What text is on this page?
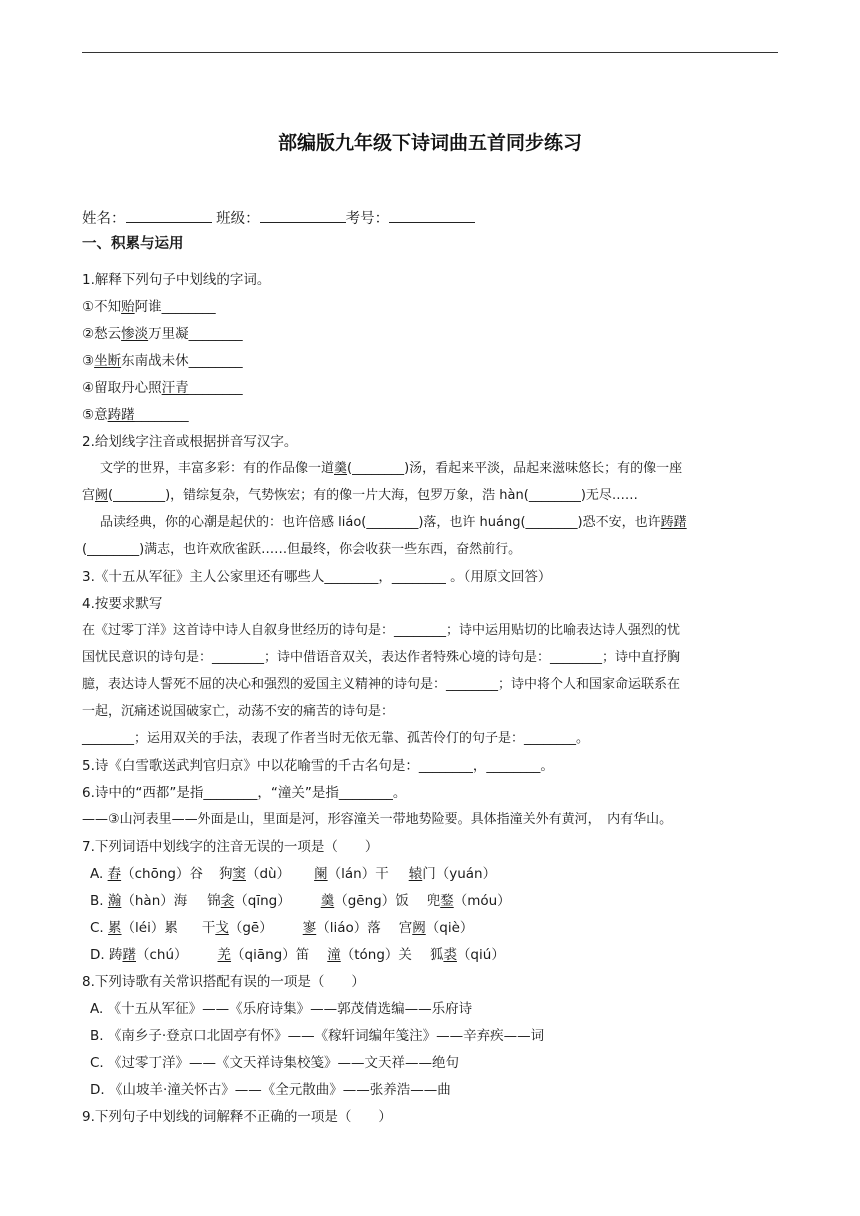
部编版九年级下诗词曲五首同步练习
姓名：	班级：	考号：
一、积累与运用
1.解释下列句子中划线的字词。
①不知贻阿谁________
②愁云惨淡万里凝________
③坐断东南战未休________
④留取丹心照汗青________
⑤意踌躇________
2.给划线字注音或根据拼音写汉字。
文学的世界，丰富多彩：有的作品像一道羹(________)汤，看起来平淡，品起来滋味悠长；有的像一座
宫阙(________)，错综复杂，气势恢宏；有的像一片大海，包罗万象，浩 hàn(________)无尽……
品读经典，你的心潮是起伏的：也许倍感 liáo(________)落，也许 huáng(________)恐不安，也许踌躇
(________)满志，也许欢欣雀跃……但最终，你会收获一些东西，奋然前行。
3.《十五从军征》主人公家里还有哪些人________，________ 。（用原文回答）
4.按要求默写
在《过零丁洋》这首诗中诗人自叙身世经历的诗句是：________；诗中运用贴切的比喻表达诗人强烈的忧
国忧民意识的诗句是：________；诗中借语音双关，表达作者特殊心境的诗句是：________；诗中直抒胸
臆，表达诗人誓死不屈的决心和强烈的爱国主义精神的诗句是：________；诗中将个人和国家命运联系在
一起，沉痛述说国破家亡，动荡不安的痛苦的诗句是：
________；运用双关的手法，表现了作者当时无依无靠、孤苦伶仃的句子是：________。
5.诗《白雪歌送武判官归京》中以花喻雪的千古名句是：________，________。
6.诗中的“西都”是指________，“潼关”是指________。
——③山河表里——外面是山，里面是河，形容潼关一带地势险要。具体指潼关外有黄河，　内有华山。
7.下列词语中划线字的注音无误的一项是（　　）
A. 舂（chōng）谷 狗窦（dù） 阑（lán）干 辕门（yuán）
B. 瀚（hàn）海 锦衾（qīng） 羹（gēng）饭 兜鍪（móu）
C. 累（léi）累 干戈（gē） 寥（liáo）落 宫阙（qiè）
D. 踌躇（chú） 羌（qiāng）笛 潼（tóng）关 狐裘（qiú）
8.下列诗歌有关常识搭配有误的一项是（　　）
A. 《十五从军征》——《乐府诗集》——郭茂倩选编——乐府诗
B. 《南乡子·登京口北固亭有怀》——《稼轩词编年笺注》——辛弃疾——词
C. 《过零丁洋》——《文天祥诗集校笺》——文天祥——绝句
D. 《山坡羊·潼关怀古》——《全元散曲》——张养浩——曲
9.下列句子中划线的词解释不正确的一项是（　　）
